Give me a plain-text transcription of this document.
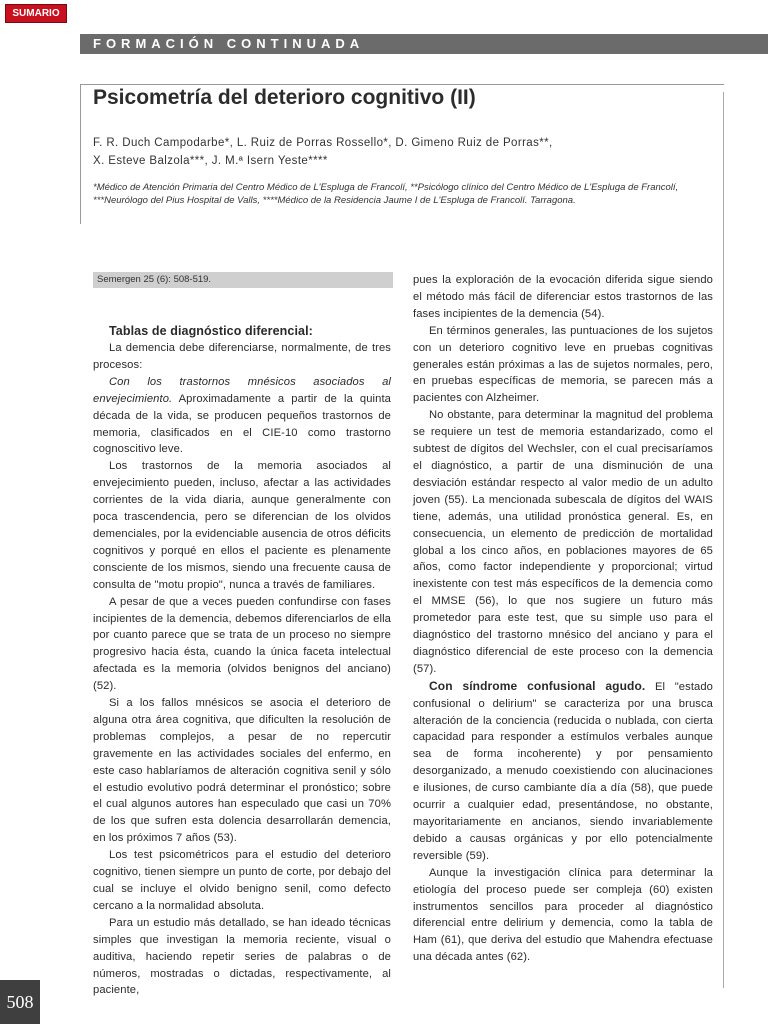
SUMARIO
FORMACIÓN CONTINUADA
Psicometría del deterioro cognitivo (II)
F. R. Duch Campodarbe*, L. Ruiz de Porras Rossello*, D. Gimeno Ruiz de Porras**,
X. Esteve Balzola***, J. M.ª Isern Yeste****
*Médico de Atención Primaria del Centro Médico de L'Espluga de Francolí, **Psicólogo clínico del Centro Médico de L'Espluga de Francolí, ***Neurólogo del Pius Hospital de Valls, ****Médico de la Residencia Jaume I de L'Espluga de Francolí. Tarragona.
Semergen 25 (6): 508-519.

Tablas de diagnóstico diferencial:

La demencia debe diferenciarse, normalmente, de tres procesos:

Con los trastornos mnésicos asociados al envejecimiento. Aproximadamente a partir de la quinta década de la vida, se producen pequeños trastornos de memoria, clasificados en el CIE-10 como trastorno cognoscitivo leve.

Los trastornos de la memoria asociados al envejecimiento pueden, incluso, afectar a las actividades corrientes de la vida diaria, aunque generalmente con poca trascendencia, pero se diferencian de los olvidos demenciales, por la evidenciable ausencia de otros déficits cognitivos y porqué en ellos el paciente es plenamente consciente de los mismos, siendo una frecuente causa de consulta de "motu propio", nunca a través de familiares.

A pesar de que a veces pueden confundirse con fases incipientes de la demencia, debemos diferenciarlos de ella por cuanto parece que se trata de un proceso no siempre progresivo hacia ésta, cuando la única faceta intelectual afectada es la memoria (olvidos benignos del anciano) (52).

Si a los fallos mnésicos se asocia el deterioro de alguna otra área cognitiva, que dificulten la resolución de problemas complejos, a pesar de no repercutir gravemente en las actividades sociales del enfermo, en este caso hablaríamos de alteración cognitiva senil y sólo el estudio evolutivo podrá determinar el pronóstico; sobre el cual algunos autores han especulado que casi un 70% de los que sufren esta dolencia desarrollarán demencia, en los próximos 7 años (53).

Los test psicométricos para el estudio del deterioro cognitivo, tienen siempre un punto de corte, por debajo del cual se incluye el olvido benigno senil, como defecto cercano a la normalidad absoluta.

Para un estudio más detallado, se han ideado técnicas simples que investigan la memoria reciente, visual o auditiva, haciendo repetir series de palabras o de números, mostradas o dictadas, respectivamente, al paciente,

pues la exploración de la evocación diferida sigue siendo el método más fácil de diferenciar estos trastornos de las fases incipientes de la demencia (54).

En términos generales, las puntuaciones de los sujetos con un deterioro cognitivo leve en pruebas cognitivas generales están próximas a las de sujetos normales, pero, en pruebas específicas de memoria, se parecen más a pacientes con Alzheimer.

No obstante, para determinar la magnitud del problema se requiere un test de memoria estandarizado, como el subtest de dígitos del Wechsler, con el cual precisaríamos el diagnóstico, a partir de una disminución de una desviación estándar respecto al valor medio de un adulto joven (55). La mencionada subescala de dígitos del WAIS tiene, además, una utilidad pronóstica general. Es, en consecuencia, un elemento de predicción de mortalidad global a los cinco años, en poblaciones mayores de 65 años, como factor independiente y proporcional; virtud inexistente con test más específicos de la demencia como el MMSE (56), lo que nos sugiere un futuro más prometedor para este test, que su simple uso para el diagnóstico del trastorno mnésico del anciano y para el diagnóstico diferencial de este proceso con la demencia (57).

Con síndrome confusional agudo. El "estado confusional o delirium" se caracteriza por una brusca alteración de la conciencia (reducida o nublada, con cierta capacidad para responder a estímulos verbales aunque sea de forma incoherente) y por pensamiento desorganizado, a menudo coexistiendo con alucinaciones e ilusiones, de curso cambiante día a día (58), que puede ocurrir a cualquier edad, presentándose, no obstante, mayoritariamente en ancianos, siendo invariablemente debido a causas orgánicas y por ello potencialmente reversible (59).

Aunque la investigación clínica para determinar la etiología del proceso puede ser compleja (60) existen instrumentos sencillos para proceder al diagnóstico diferencial entre delirium y demencia, como la tabla de Ham (61), que deriva del estudio que Mahendra efectuase una década antes (62).

508
